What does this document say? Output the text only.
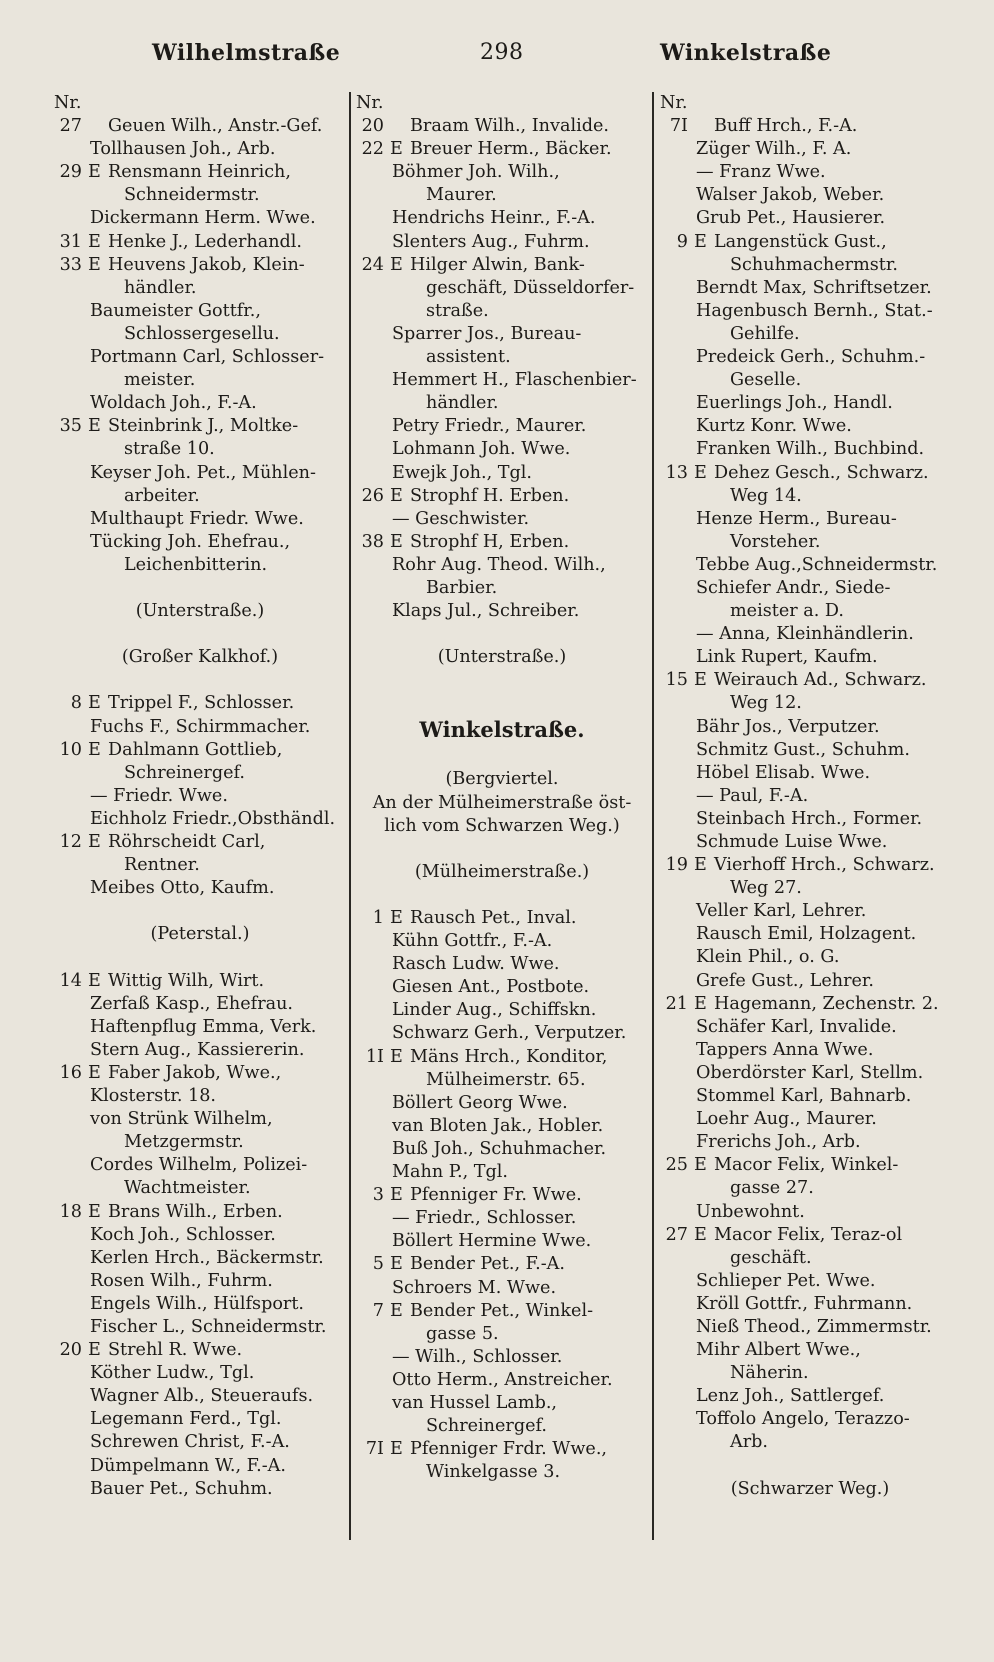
Wilhelmstraße	298	Winkelstraße
Nr.
27 Geuen Wilh., Anstr.-Gef.
Tollhausen Joh., Arb.
29 E Rensmann Heinrich,
Schneidermstr.
Dickermann Herm. Wwe.
31 E Henke J., Lederhandl.
33 E Heuvens Jakob, Klein-
händler.
Baumeister Gottfr.,
Schlossergesellu.
Portmann Carl, Schlosser-
meister.
Woldach Joh., F.-A.
35 E Steinbrink J., Moltke-
straße 10.
Keyser Joh. Pet., Mühlen-
arbeiter.
Multhaupt Friedr. Wwe.
Tücking Joh. Ehefrau.,
Leichenbitterin.
(Unterstraße.)
(Großer Kalkhof.)
8 E Trippel F., Schlosser.
Fuchs F., Schirmmacher.
10 E Dahlmann Gottlieb,
Schreinergef.
— Friedr. Wwe.
Eichholz Friedr.,Obsthändl.
12 E Röhrscheidt Carl,
Rentner.
Meibes Otto, Kaufm.
(Peterstal.)
14 E Wittig Wilh, Wirt.
Zerfaß Kasp., Ehefrau.
Haftenpflug Emma, Verk.
Stern Aug., Kassiererin.
16 E Faber Jakob, Wwe.,
Klosterstr. 18.
von Strünk Wilhelm,
Metzgermstr.
Cordes Wilhelm, Polizei-
Wachtmeister.
18 E Brans Wilh., Erben.
Koch Joh., Schlosser.
Kerlen Hrch., Bäckermstr.
Rosen Wilh., Fuhrm.
Engels Wilh., Hülfsport.
Fischer L., Schneidermstr.
20 E Strehl R. Wwe.
Köther Ludw., Tgl.
Wagner Alb., Steueraufs.
Legemann Ferd., Tgl.
Schrewen Christ, F.-A.
Dümpelmann W., F.-A.
Bauer Pet., Schuhm.
Nr.
20 Braam Wilh., Invalide.
22 E Breuer Herm., Bäcker.
Böhmer Joh. Wilh.,
Maurer.
Hendrichs Heinr., F.-A.
Slenters Aug., Fuhrm.
24 E Hilger Alwin, Bank-
geschäft, Düsseldorfer-
straße.
Sparrer Jos., Bureau-
assistent.
Hemmert H., Flaschenbier-
händler.
Petry Friedr., Maurer.
Lohmann Joh. Wwe.
Ewejk Joh., Tgl.
26 E Strophf H. Erben.
— Geschwister.
38 E Strophf H, Erben.
Rohr Aug. Theod. Wilh.,
Barbier.
Klaps Jul., Schreiber.
(Unterstraße.)
Winkelstraße.
(Bergviertel.
An der Mülheimerstraße öst-
lich vom Schwarzen Weg.)
(Mülheimerstraße.)
1 E Rausch Pet., Inval.
Kühn Gottfr., F.-A.
Rasch Ludw. Wwe.
Giesen Ant., Postbote.
Linder Aug., Schiffskn.
Schwarz Gerh., Verputzer.
1I E Mäns Hrch., Konditor,
Mülheimerstr. 65.
Böllert Georg Wwe.
van Bloten Jak., Hobler.
Buß Joh., Schuhmacher.
Mahn P., Tgl.
3 E Pfenniger Fr. Wwe.
— Friedr., Schlosser.
Böllert Hermine Wwe.
5 E Bender Pet., F.-A.
Schroers M. Wwe.
7 E Bender Pet., Winkel-
gasse 5.
— Wilh., Schlosser.
Otto Herm., Anstreicher.
van Hussel Lamb.,
Schreinergef.
7I E Pfenniger Frdr. Wwe.,
Winkelgasse 3.
Nr.
7I Buff Hrch., F.-A.
Züger Wilh., F. A.
— Franz Wwe.
Walser Jakob, Weber.
Grub Pet., Hausierer.
9 E Langenstück Gust.,
Schuhmachermstr.
Berndt Max, Schriftsetzer.
Hagenbusch Bernh., Stat.-
Gehilfe.
Predeick Gerh., Schuhm.-
Geselle.
Euerlings Joh., Handl.
Kurtz Konr. Wwe.
Franken Wilh., Buchbind.
13 E Dehez Gesch., Schwarz.
Weg 14.
Henze Herm., Bureau-
Vorsteher.
Tebbe Aug.,Schneidermstr.
Schiefer Andr., Siede-
meister a. D.
— Anna, Kleinhändlerin.
Link Rupert, Kaufm.
15 E Weirauch Ad., Schwarz.
Weg 12.
Bähr Jos., Verputzer.
Schmitz Gust., Schuhm.
Höbel Elisab. Wwe.
— Paul, F.-A.
Steinbach Hrch., Former.
Schmude Luise Wwe.
19 E Vierhoff Hrch., Schwarz.
Weg 27.
Veller Karl, Lehrer.
Rausch Emil, Holzagent.
Klein Phil., o. G.
Grefe Gust., Lehrer.
21 E Hagemann, Zechenstr. 2.
Schäfer Karl, Invalide.
Tappers Anna Wwe.
Oberdörster Karl, Stellm.
Stommel Karl, Bahnarb.
Loehr Aug., Maurer.
Frerichs Joh., Arb.
25 E Macor Felix, Winkel-
gasse 27.
Unbewohnt.
27 E Macor Felix, Teraz-ol
geschäft.
Schlieper Pet. Wwe.
Kröll Gottfr., Fuhrmann.
Nieß Theod., Zimmermstr.
Mihr Albert Wwe.,
Näherin.
Lenz Joh., Sattlergef.
Toffolo Angelo, Terazzo-
Arb.
(Schwarzer Weg.)
